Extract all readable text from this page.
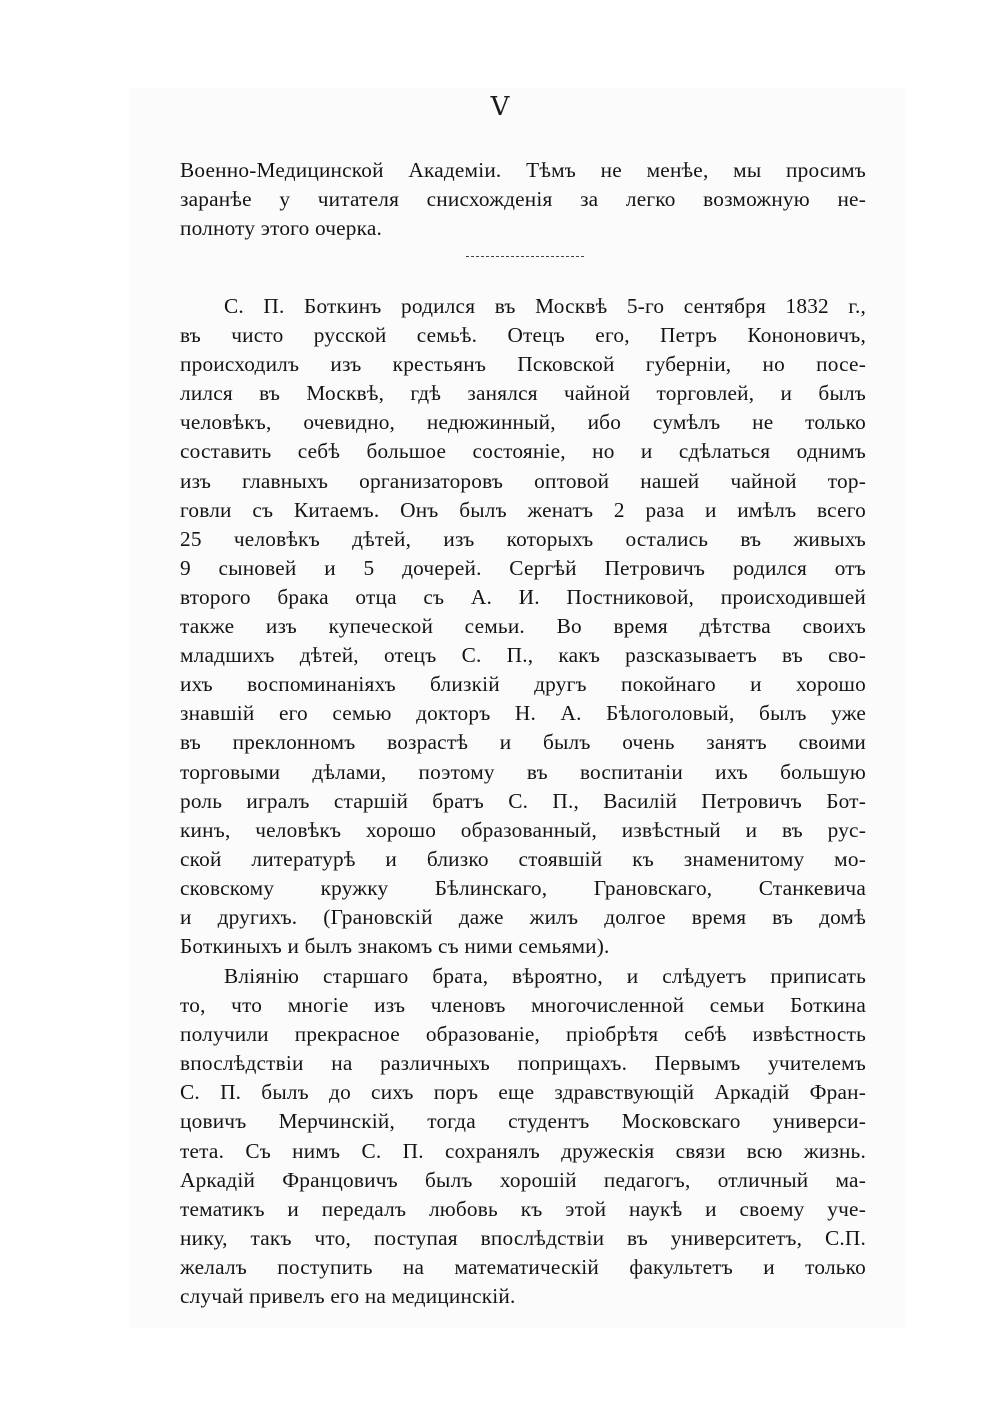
V
Военно-Медицинской Академіи. Тѣмъ не менѣе, мы просимъ
заранѣе у читателя снисхожденія за легко возможную не-
полноту этого очерка.
С. П. Боткинъ родился въ Москвѣ 5-го сентября 1832 г.,
въ чисто русской семьѣ. Отецъ его, Петръ Кононовичъ,
происходилъ изъ крестьянъ Псковской губерніи, но посе-
лился въ Москвѣ, гдѣ занялся чайной торговлей, и былъ
человѣкъ, очевидно, недюжинный, ибо сумѣлъ не только
составить себѣ большое состояніе, но и сдѣлаться однимъ
изъ главныхъ организаторовъ оптовой нашей чайной тор-
говли съ Китаемъ. Онъ былъ женатъ 2 раза и имѣлъ всего
25 человѣкъ дѣтей, изъ которыхъ остались въ живыхъ
9 сыновей и 5 дочерей. Сергѣй Петровичъ родился отъ
второго брака отца съ А. И. Постниковой, происходившей
также изъ купеческой семьи. Во время дѣтства своихъ
младшихъ дѣтей, отецъ С. П., какъ разсказываетъ въ сво-
ихъ воспоминаніяхъ близкій другъ покойнаго и хорошо
знавшій его семью докторъ Н. А. Бѣлоголовый, былъ уже
въ преклонномъ возрастѣ и былъ очень занятъ своими
торговыми дѣлами, поэтому въ воспитаніи ихъ большую
роль игралъ старшій братъ С. П., Василій Петровичъ Бот-
кинъ, человѣкъ хорошо образованный, извѣстный и въ рус-
ской литературѣ и близко стоявшій къ знаменитому мо-
сковскому кружку Бѣлинскаго, Грановскаго, Станкевича
и другихъ. (Грановскій даже жилъ долгое время въ домѣ
Боткиныхъ и былъ знакомъ съ ними семьями).
Вліянію старшаго брата, вѣроятно, и слѣдуетъ приписать
то, что многіе изъ членовъ многочисленной семьи Боткина
получили прекрасное образованіе, пріобрѣтя себѣ извѣстность
впослѣдствіи на различныхъ поприщахъ. Первымъ учителемъ
С. П. былъ до сихъ поръ еще здравствующій Аркадій Фран-
цовичъ Мерчинскій, тогда студентъ Московскаго универси-
тета. Съ нимъ С. П. сохранялъ дружескія связи всю жизнь.
Аркадій Францовичъ былъ хорошій педагогъ, отличный ма-
тематикъ и передалъ любовь къ этой наукѣ и своему уче-
нику, такъ что, поступая впослѣдствіи въ университетъ, С.П.
желалъ поступить на математическій факультетъ и только
случай привелъ его на медицинскій.
